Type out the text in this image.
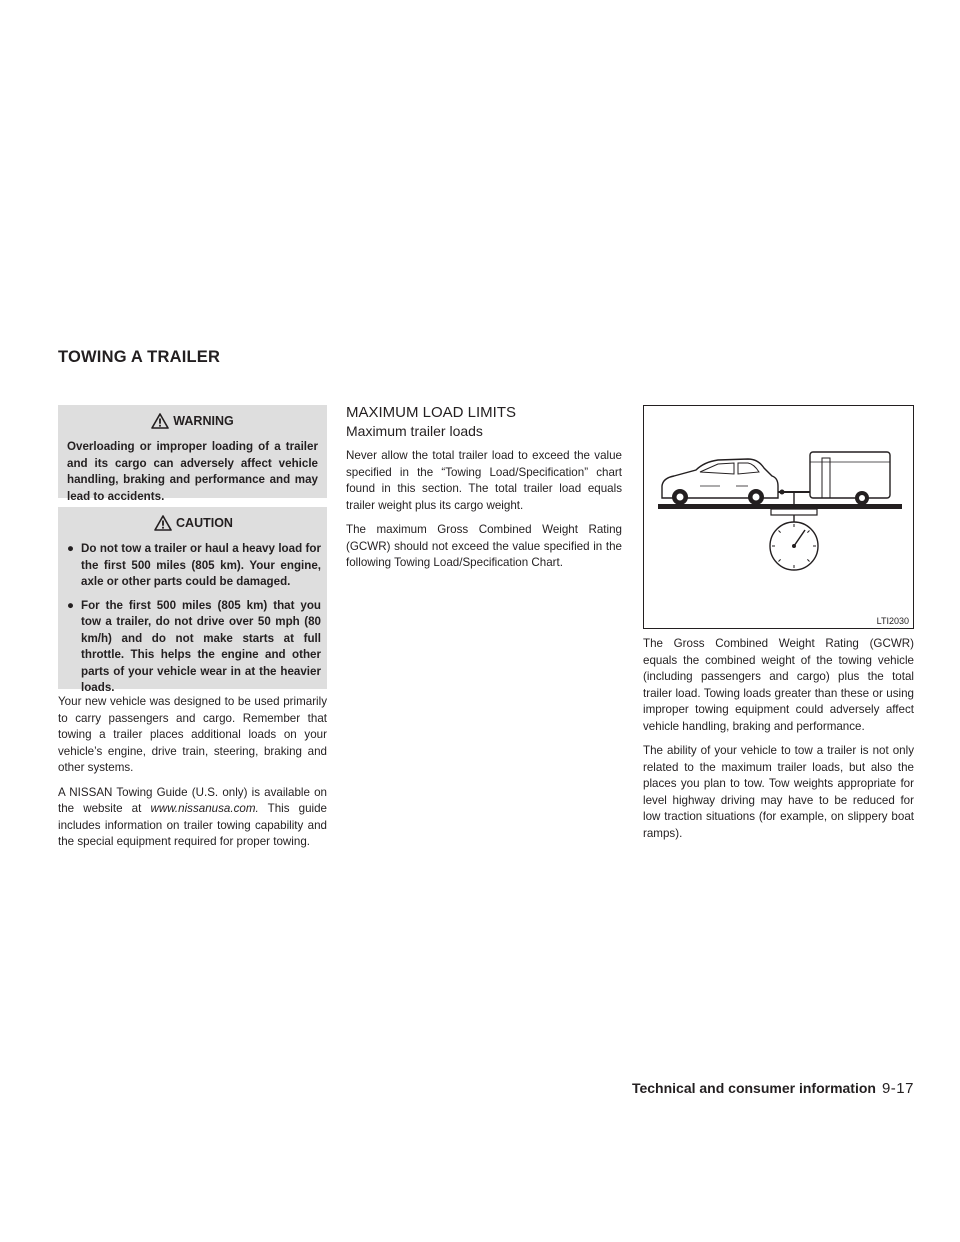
TOWING A TRAILER
WARNING
Overloading or improper loading of a trailer and its cargo can adversely affect vehicle handling, braking and performance and may lead to accidents.
CAUTION
● Do not tow a trailer or haul a heavy load for the first 500 miles (805 km). Your engine, axle or other parts could be damaged.
● For the first 500 miles (805 km) that you tow a trailer, do not drive over 50 mph (80 km/h) and do not make starts at full throttle. This helps the engine and other parts of your vehicle wear in at the heavier loads.

Your new vehicle was designed to be used primarily to carry passengers and cargo. Remember that towing a trailer places additional loads on your vehicle’s engine, drive train, steering, braking and other systems.

A NISSAN Towing Guide (U.S. only) is available on the website at www.nissanusa.com. This guide includes information on trailer towing capability and the special equipment required for proper towing.

MAXIMUM LOAD LIMITS
Maximum trailer loads

Never allow the total trailer load to exceed the value specified in the “Towing Load/Specification” chart found in this section. The total trailer load equals trailer weight plus its cargo weight.

The maximum Gross Combined Weight Rating (GCWR) should not exceed the value specified in the following Towing Load/Specification Chart.

LTI2030

The Gross Combined Weight Rating (GCWR) equals the combined weight of the towing vehicle (including passengers and cargo) plus the total trailer load. Towing loads greater than these or using improper towing equipment could adversely affect vehicle handling, braking and performance.

The ability of your vehicle to tow a trailer is not only related to the maximum trailer loads, but also the places you plan to tow. Tow weights appropriate for level highway driving may have to be reduced for low traction situations (for example, on slippery boat ramps).

Technical and consumer information 9-17
